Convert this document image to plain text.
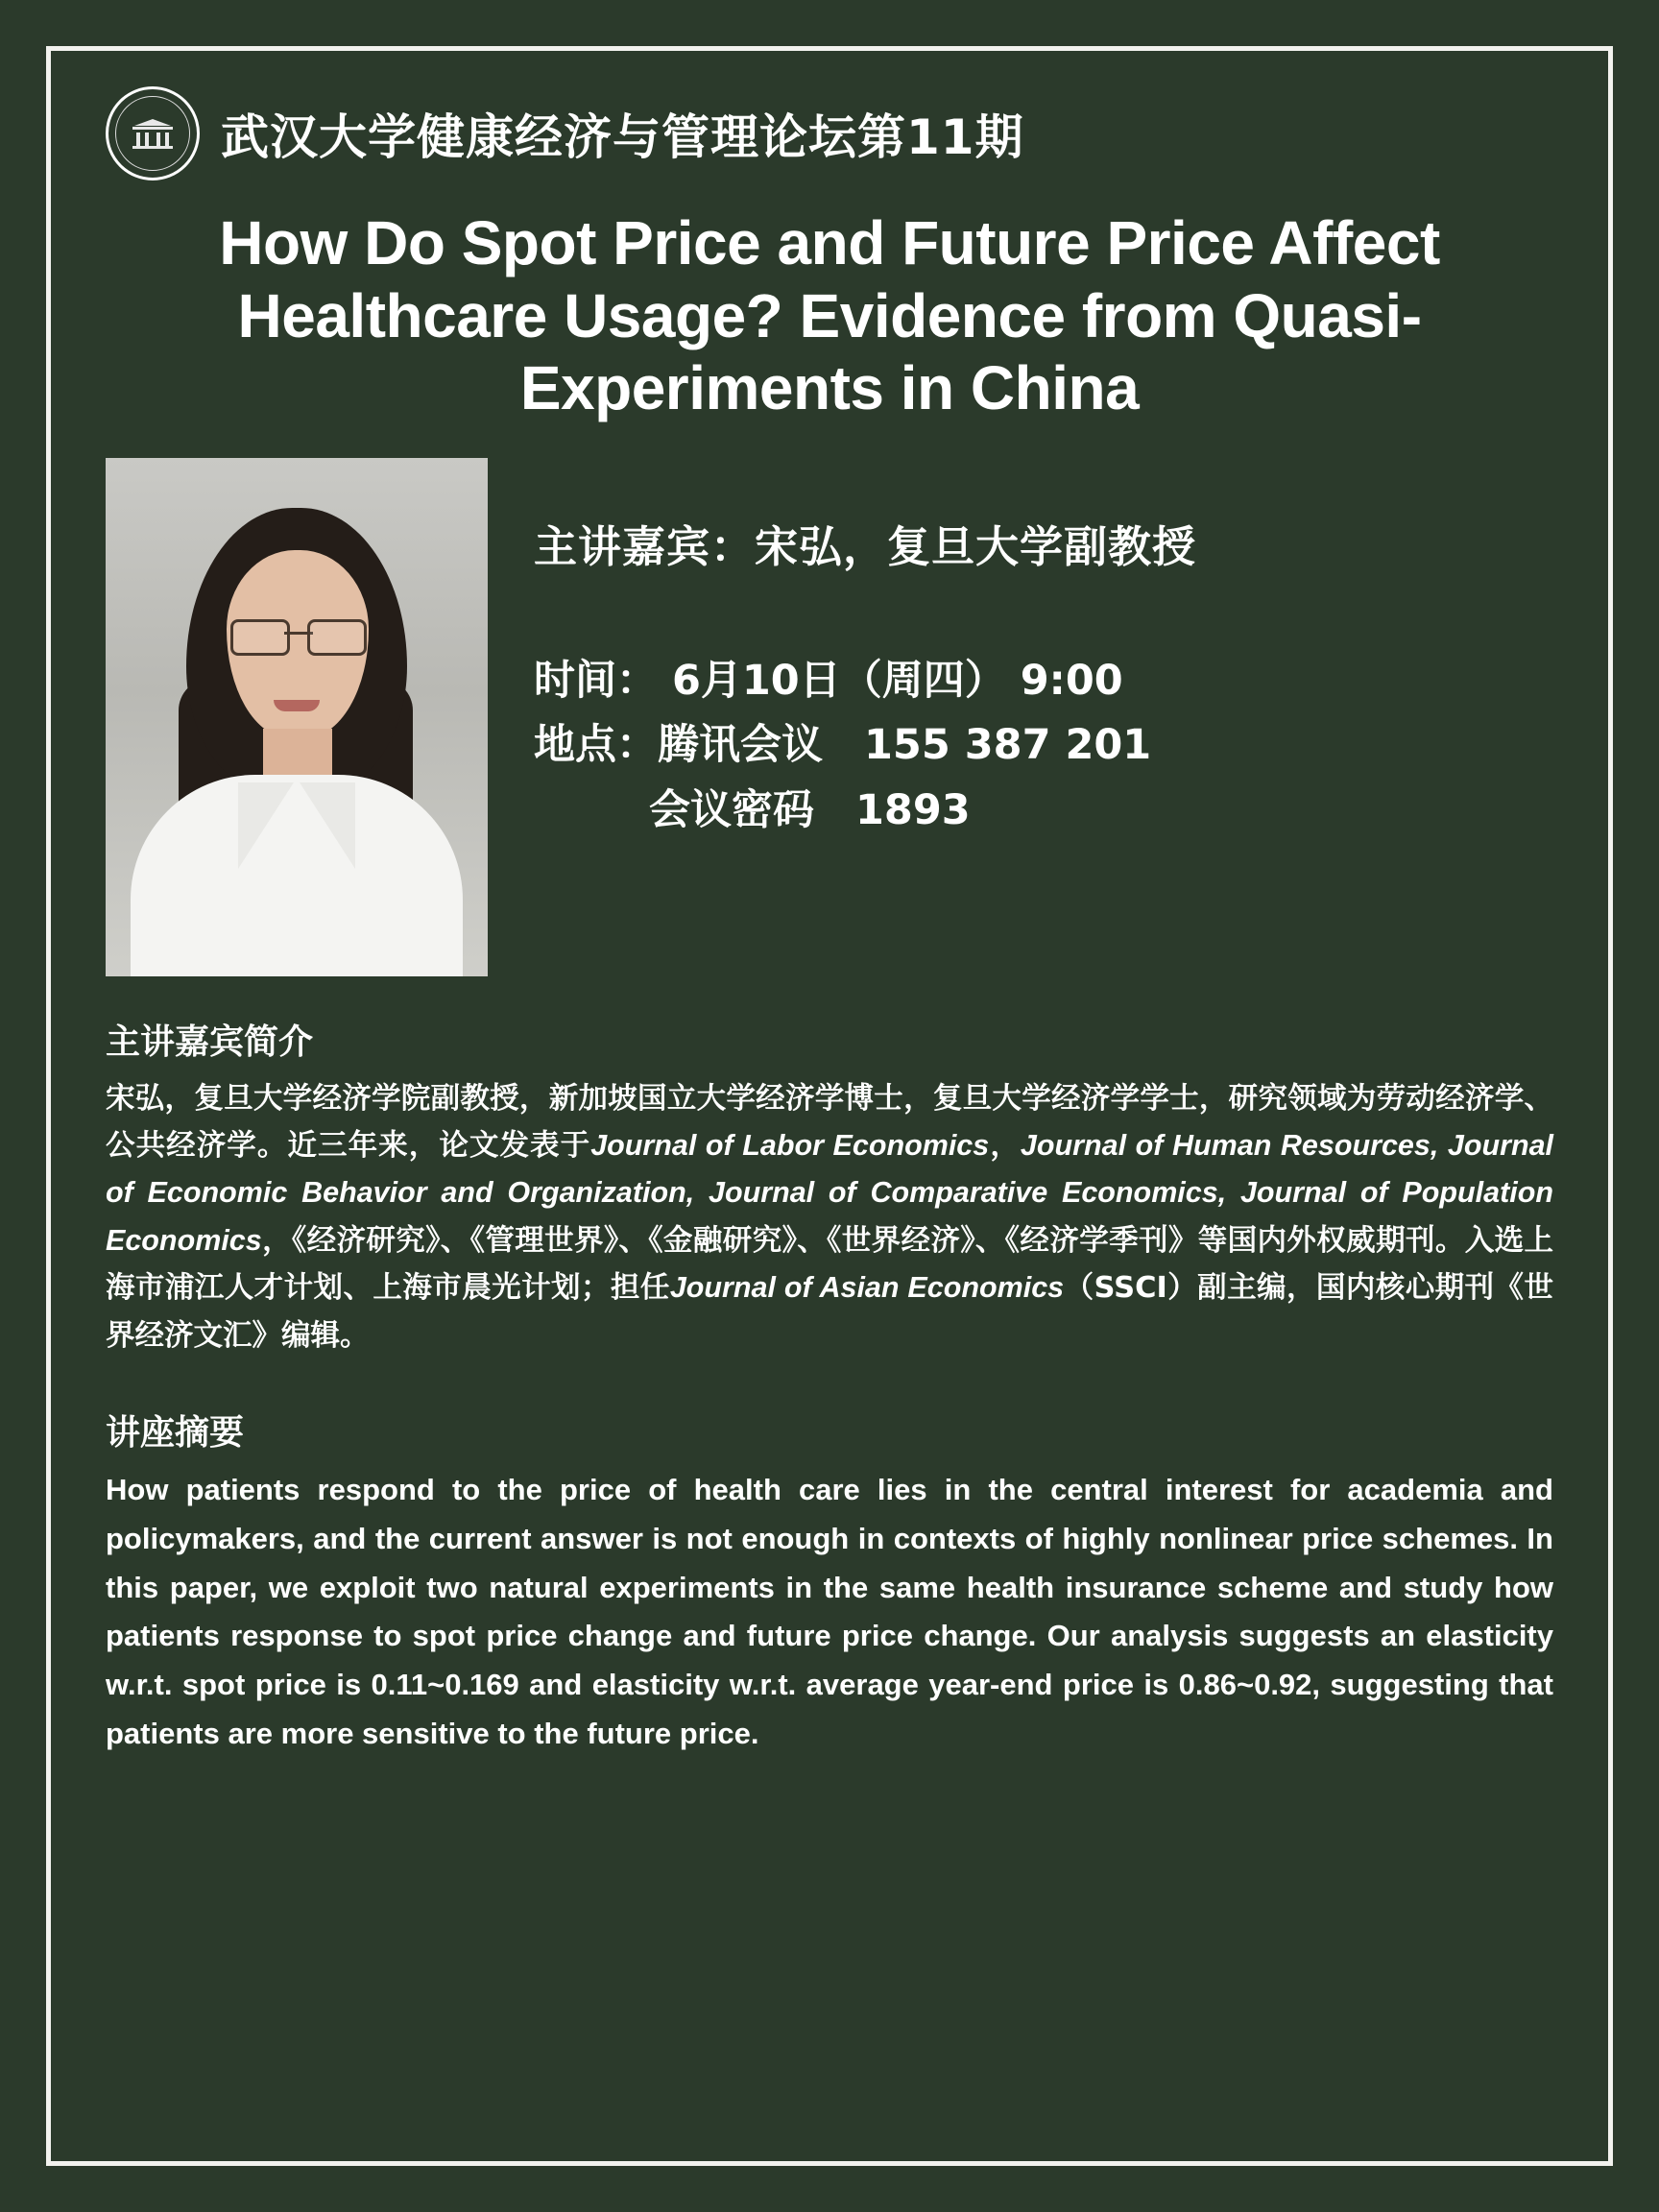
武汉大学健康经济与管理论坛第11期
How Do Spot Price and Future Price Affect Healthcare Usage? Evidence from Quasi-Experiments in China
主讲嘉宾：宋弘，复旦大学副教授
时间： 6月10日（周四） 9:00
地点：腾讯会议　155 387 201
会议密码　1893
主讲嘉宾简介
宋弘，复旦大学经济学院副教授，新加坡国立大学经济学博士，复旦大学经济学学士，研究领域为劳动经济学、公共经济学。近三年来，论文发表于Journal of Labor Economics，Journal of Human Resources, Journal of Economic Behavior and Organization, Journal of Comparative Economics, Journal of Population Economics，《经济研究》、《管理世界》、《金融研究》、《世界经济》、《经济学季刊》等国内外权威期刊。入选上海市浦江人才计划、上海市晨光计划；担任Journal of Asian Economics（SSCI）副主编，国内核心期刊《世界经济文汇》编辑。
讲座摘要
How patients respond to the price of health care lies in the central interest for academia and policymakers, and the current answer is not enough in contexts of highly nonlinear price schemes. In this paper, we exploit two natural experiments in the same health insurance scheme and study how patients response to spot price change and future price change. Our analysis suggests an elasticity w.r.t. spot price is 0.11~0.169 and elasticity w.r.t. average year-end price is 0.86~0.92, suggesting that patients are more sensitive to the future price.
